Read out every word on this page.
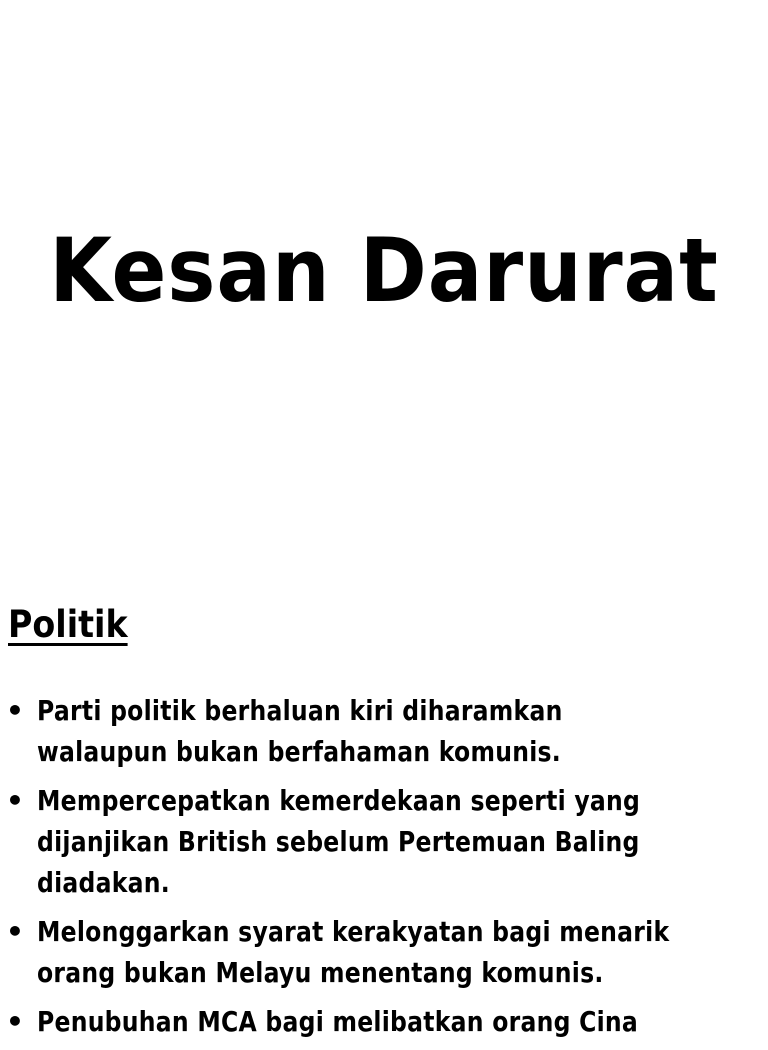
Kesan Darurat
Politik
• Parti politik berhaluan kiri diharamkan
walaupun bukan berfahaman komunis.
• Mempercepatkan kemerdekaan seperti yang
dijanjikan British sebelum Pertemuan Baling
diadakan.
• Melonggarkan syarat kerakyatan bagi menarik
orang bukan Melayu menentang komunis.
• Penubuhan MCA bagi melibatkan orang Cina
